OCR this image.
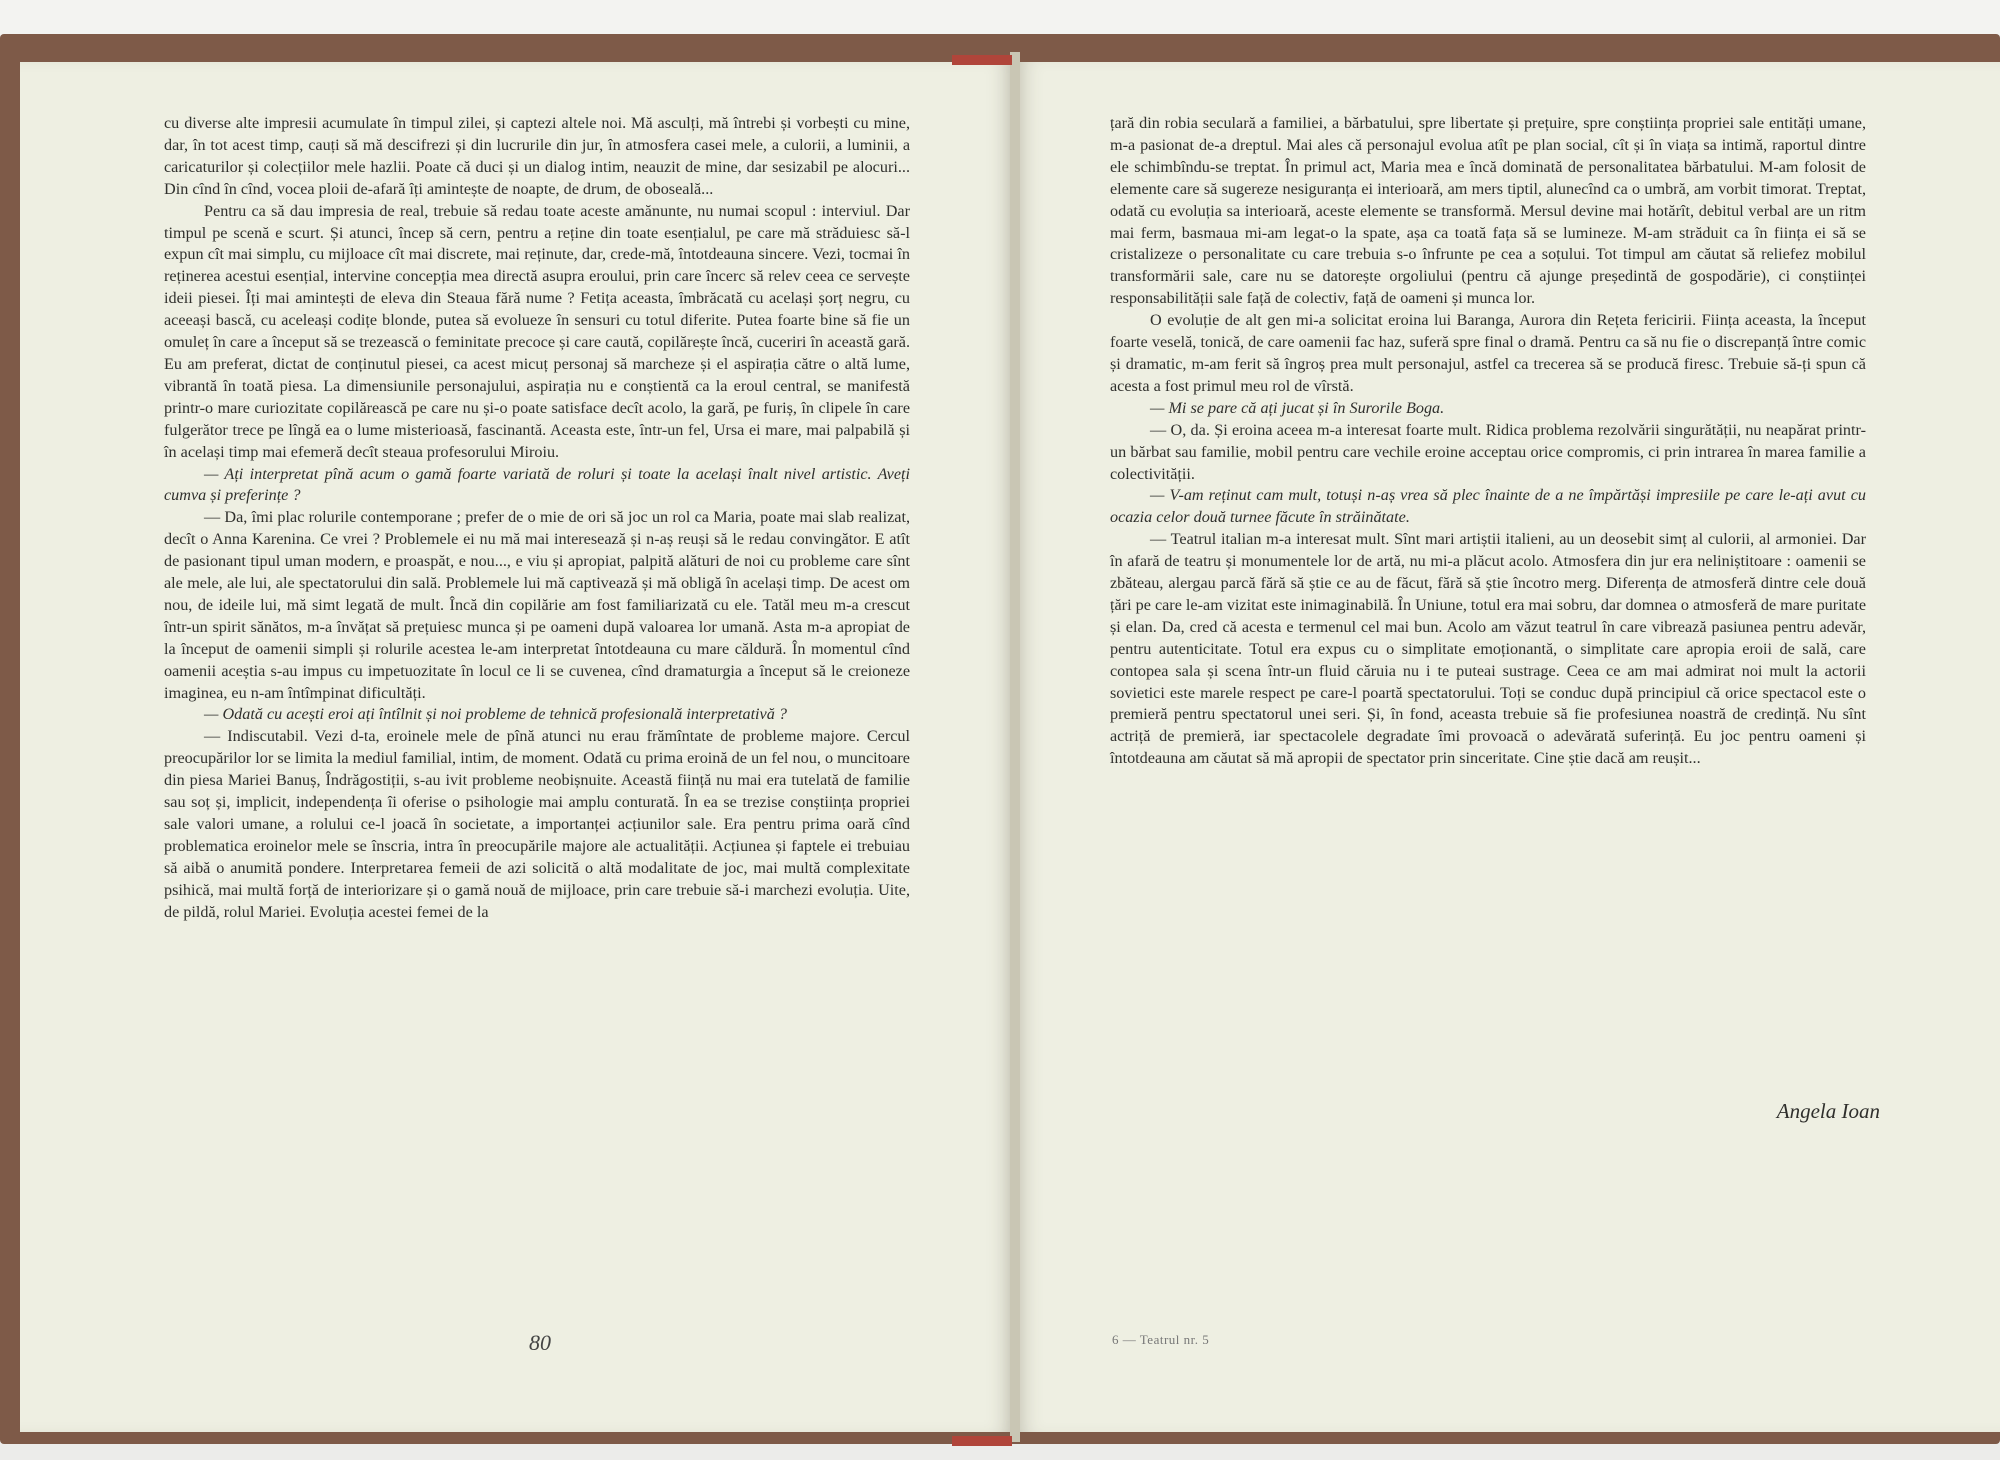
cu diverse alte impresii acumulate în timpul zilei, și captezi altele noi. Mă asculți, mă întrebi și vorbești cu mine, dar, în tot acest timp, cauți să mă descifrezi și din lucrurile din jur, în atmosfera casei mele, a culorii, a luminii, a caricaturilor și colecțiilor mele hazlii. Poate că duci și un dialog intim, neauzit de mine, dar sesizabil pe alocuri... Din cînd în cînd, vocea ploii de-afară îți amintește de noapte, de drum, de oboseală...

Pentru ca să dau impresia de real, trebuie să redau toate aceste amănunte, nu numai scopul : interviul. Dar timpul pe scenă e scurt. Și atunci, încep să cern, pentru a reține din toate esențialul, pe care mă străduiesc să-l expun cît mai simplu, cu mijloace cît mai discrete, mai reținute, dar, crede-mă, întotdeauna sincere. Vezi, tocmai în reținerea acestui esențial, intervine concepția mea directă asupra eroului, prin care încerc să relev ceea ce servește ideii piesei. Îți mai amintești de eleva din Steaua fără nume ? Fetița aceasta, îmbrăcată cu același șorț negru, cu aceeași bască, cu aceleași codițe blonde, putea să evolueze în sensuri cu totul diferite. Putea foarte bine să fie un omuleț în care a început să se trezească o feminitate precoce și care caută, copilărește încă, cuceriri în această gară. Eu am preferat, dictat de conținutul piesei, ca acest micuț personaj să marcheze și el aspirația către o altă lume, vibrantă în toată piesa. La dimensiunile personajului, aspirația nu e conștientă ca la eroul central, se manifestă printr-o mare curiozitate copilărească pe care nu și-o poate satisface decît acolo, la gară, pe furiș, în clipele în care fulgerător trece pe lîngă ea o lume misterioasă, fascinantă. Aceasta este, într-un fel, Ursa ei mare, mai palpabilă și în același timp mai efemeră decît steaua profesorului Miroiu.

— Ați interpretat pînă acum o gamă foarte variată de roluri și toate la același înalt nivel artistic. Aveți cumva și preferințe ?

— Da, îmi plac rolurile contemporane ; prefer de o mie de ori să joc un rol ca Maria, poate mai slab realizat, decît o Anna Karenina. Ce vrei ? Problemele ei nu mă mai interesează și n-aș reuși să le redau convingător. E atît de pasionant tipul uman modern, e proaspăt, e nou..., e viu și apropiat, palpită alături de noi cu probleme care sînt ale mele, ale lui, ale spectatorului din sală. Problemele lui mă captivează și mă obligă în același timp. De acest om nou, de ideile lui, mă simt legată de mult. Încă din copilărie am fost familiarizată cu ele. Tatăl meu m-a crescut într-un spirit sănătos, m-a învățat să prețuiesc munca și pe oameni după valoarea lor umană. Asta m-a apropiat de la început de oamenii simpli și rolurile acestea le-am interpretat întotdeauna cu mare căldură. În momentul cînd oamenii aceștia s-au impus cu impetuozitate în locul ce li se cuvenea, cînd dramaturgia a început să le creioneze imaginea, eu n-am întîmpinat dificultăți.

— Odată cu acești eroi ați întîlnit și noi probleme de tehnică profesională interpretativă ?

— Indiscutabil. Vezi d-ta, eroinele mele de pînă atunci nu erau frămîntate de probleme majore. Cercul preocupărilor lor se limita la mediul familial, intim, de moment. Odată cu prima eroină de un fel nou, o muncitoare din piesa Mariei Banuș, Îndrăgostiții, s-au ivit probleme neobișnuite. Această ființă nu mai era tutelată de familie sau soț și, implicit, independența îi oferise o psihologie mai amplu conturată. În ea se trezise conștiința propriei sale valori umane, a rolului ce-l joacă în societate, a importanței acțiunilor sale. Era pentru prima oară cînd problematica eroinelor mele se înscria, intra în preocupările majore ale actualității. Acțiunea și faptele ei trebuiau să aibă o anumită pondere. Interpretarea femeii de azi solicită o altă modalitate de joc, mai multă complexitate psihică, mai multă forță de interiorizare și o gamă nouă de mijloace, prin care trebuie să-i marchezi evoluția. Uite, de pildă, rolul Mariei. Evoluția acestei femei de la

80

țară din robia seculară a familiei, a bărbatului, spre libertate și prețuire, spre conștiința propriei sale entități umane, m-a pasionat de-a dreptul. Mai ales că personajul evolua atît pe plan social, cît și în viața sa intimă, raportul dintre ele schimbîndu-se treptat. În primul act, Maria mea e încă dominată de personalitatea bărbatului. M-am folosit de elemente care să sugereze nesiguranța ei interioară, am mers tiptil, alunecînd ca o umbră, am vorbit timorat. Treptat, odată cu evoluția sa interioară, aceste elemente se transformă. Mersul devine mai hotărît, debitul verbal are un ritm mai ferm, basmaua mi-am legat-o la spate, așa ca toată fața să se lumineze. M-am străduit ca în ființa ei să se cristalizeze o personalitate cu care trebuia s-o înfrunte pe cea a soțului. Tot timpul am căutat să reliefez mobilul transformării sale, care nu se datorește orgoliului (pentru că ajunge președintă de gospodărie), ci conștiinței responsabilității sale față de colectiv, față de oameni și munca lor.

O evoluție de alt gen mi-a solicitat eroina lui Baranga, Aurora din Rețeta fericirii. Ființa aceasta, la început foarte veselă, tonică, de care oamenii fac haz, suferă spre final o dramă. Pentru ca să nu fie o discrepanță între comic și dramatic, m-am ferit să îngroș prea mult personajul, astfel ca trecerea să se producă firesc. Trebuie să-ți spun că acesta a fost primul meu rol de vîrstă.

— Mi se pare că ați jucat și în Surorile Boga.

— O, da. Și eroina aceea m-a interesat foarte mult. Ridica problema rezolvării singurătății, nu neapărat printr-un bărbat sau familie, mobil pentru care vechile eroine acceptau orice compromis, ci prin intrarea în marea familie a colectivității.

— V-am reținut cam mult, totuși n-aș vrea să plec înainte de a ne împărtăși impresiile pe care le-ați avut cu ocazia celor două turnee făcute în străinătate.

— Teatrul italian m-a interesat mult. Sînt mari artiștii italieni, au un deosebit simț al culorii, al armoniei. Dar în afară de teatru și monumentele lor de artă, nu mi-a plăcut acolo. Atmosfera din jur era neliniștitoare : oamenii se zbăteau, alergau parcă fără să știe ce au de făcut, fără să știe încotro merg. Diferența de atmosferă dintre cele două țări pe care le-am vizitat este inimaginabilă. În Uniune, totul era mai sobru, dar domnea o atmosferă de mare puritate și elan. Da, cred că acesta e termenul cel mai bun. Acolo am văzut teatrul în care vibrează pasiunea pentru adevăr, pentru autenticitate. Totul era expus cu o simplitate emoționantă, o simplitate care apropia eroii de sală, care contopea sala și scena într-un fluid căruia nu i te puteai sustrage. Ceea ce am mai admirat noi mult la actorii sovietici este marele respect pe care-l poartă spectatorului. Toți se conduc după principiul că orice spectacol este o premieră pentru spectatorul unei seri. Și, în fond, aceasta trebuie să fie profesiunea noastră de credință. Nu sînt actriță de premieră, iar spectacolele degradate îmi provoacă o adevărată suferință. Eu joc pentru oameni și întotdeauna am căutat să mă apropii de spectator prin sinceritate. Cine știe dacă am reușit...

Angela Ioan
6 — Teatrul nr. 5
